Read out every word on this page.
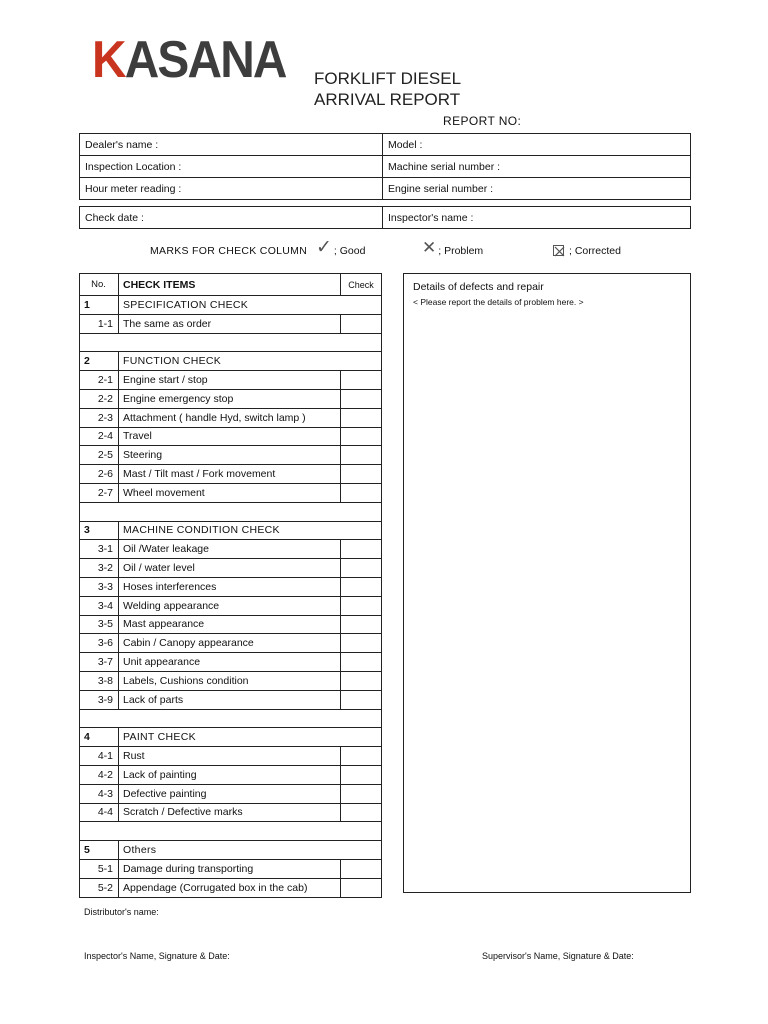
KASANA FORKLIFT DIESEL
ARRIVAL REPORT
REPORT NO:
Dealer's name :	Model :
Inspection Location :	Machine serial number :
Hour meter reading :	Engine serial number :
Check date :	Inspector's name :
MARKS FOR CHECK COLUMN ✓ ; Good	✕ ; Problem	; Corrected
No.	CHECK ITEMS	Check
1	SPECIFICATION CHECK	
1-1	The same as order	

2	FUNCTION CHECK	
2-1	Engine start / stop	
2-2	Engine emergency stop	
2-3	Attachment ( handle Hyd, switch lamp )	
2-4	Travel	
2-5	Steering	
2-6	Mast / Tilt mast / Fork movement	
2-7	Wheel movement	

3	MACHINE CONDITION CHECK	
3-1	Oil /Water leakage	
3-2	Oil / water level	
3-3	Hoses interferences	
3-4	Welding appearance	
3-5	Mast appearance	
3-6	Cabin / Canopy appearance	
3-7	Unit appearance	
3-8	Labels, Cushions condition	
3-9	Lack of parts	

4	PAINT CHECK	
4-1	Rust	
4-2	Lack of painting	
4-3	Defective painting	
4-4	Scratch / Defective marks	

5	Others	
5-1	Damage during transporting	
5-2	Appendage (Corrugated box in the cab)	
Details of defects and repair
< Please report the details of problem here. >
Distributor's name:
Inspector's Name, Signature & Date:	Supervisor's Name, Signature & Date:
